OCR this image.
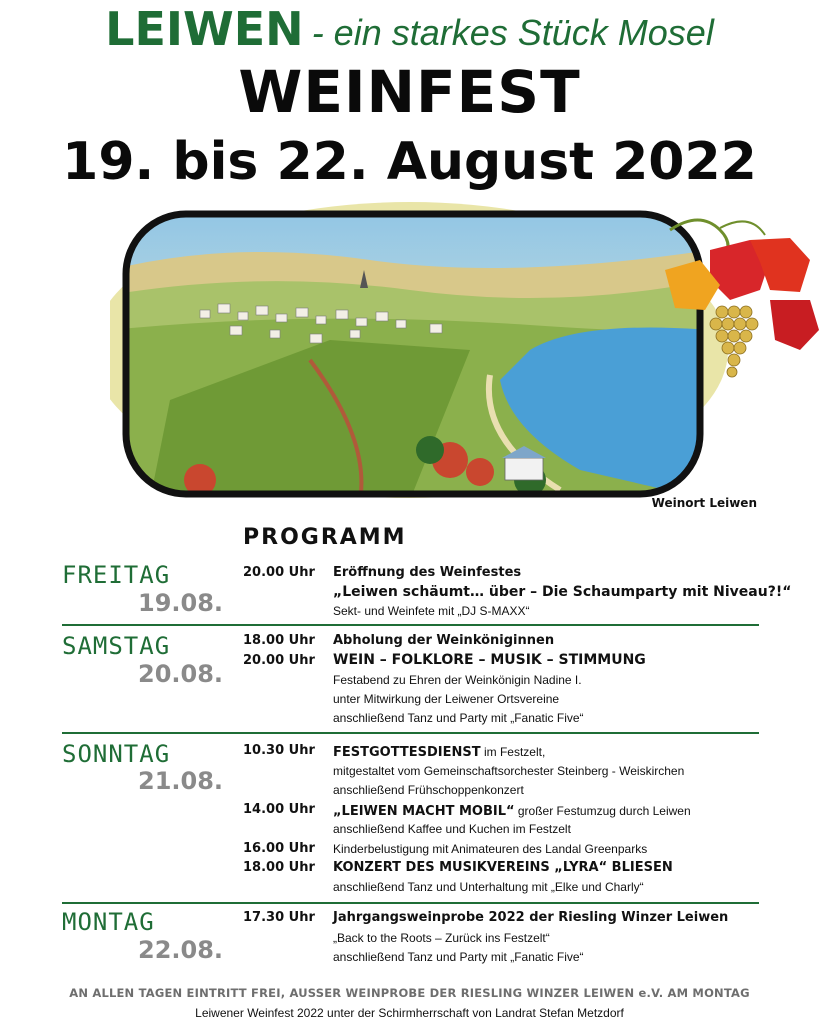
LEIWEN - ein starkes Stück Mosel
WEINFEST
19. bis 22. August 2022
Weinort Leiwen
PROGRAMM
FREITAG
19.08.
20.00 Uhr Eröffnung des Weinfestes
„Leiwen schäumt… über – Die Schaumparty mit Niveau?!“
Sekt- und Weinfete mit „DJ S-MAXX“
SAMSTAG
20.08.
18.00 Uhr
20.00 Uhr
Abholung der Weinköniginnen
WEIN – FOLKLORE – MUSIK – STIMMUNG
Festabend zu Ehren der Weinkönigin Nadine I.
unter Mitwirkung der Leiwener Ortsvereine
anschließend Tanz und Party mit „Fanatic Five“
SONNTAG
21.08.
10.30 Uhr
14.00 Uhr
16.00 Uhr
18.00 Uhr
FESTGOTTESDIENST im Festzelt,
mitgestaltet vom Gemeinschaftsorchester Steinberg - Weiskirchen
anschließend Frühschoppenkonzert
„LEIWEN MACHT MOBIL“ großer Festumzug durch Leiwen
anschließend Kaffee und Kuchen im Festzelt
Kinderbelustigung mit Animateuren des Landal Greenparks
KONZERT DES MUSIKVEREINS „LYRA“ BLIESEN
anschließend Tanz und Unterhaltung mit „Elke und Charly“
MONTAG
22.08.
17.30 Uhr Jahrgangsweinprobe 2022 der Riesling Winzer Leiwen
„Back to the Roots – Zurück ins Festzelt“
anschließend Tanz und Party mit „Fanatic Five“
AN ALLEN TAGEN EINTRITT FREI, AUSSER WEINPROBE DER RIESLING WINZER LEIWEN e.V. AM MONTAG
Leiwener Weinfest 2022 unter der Schirmherrschaft von Landrat Stefan Metzdorf
